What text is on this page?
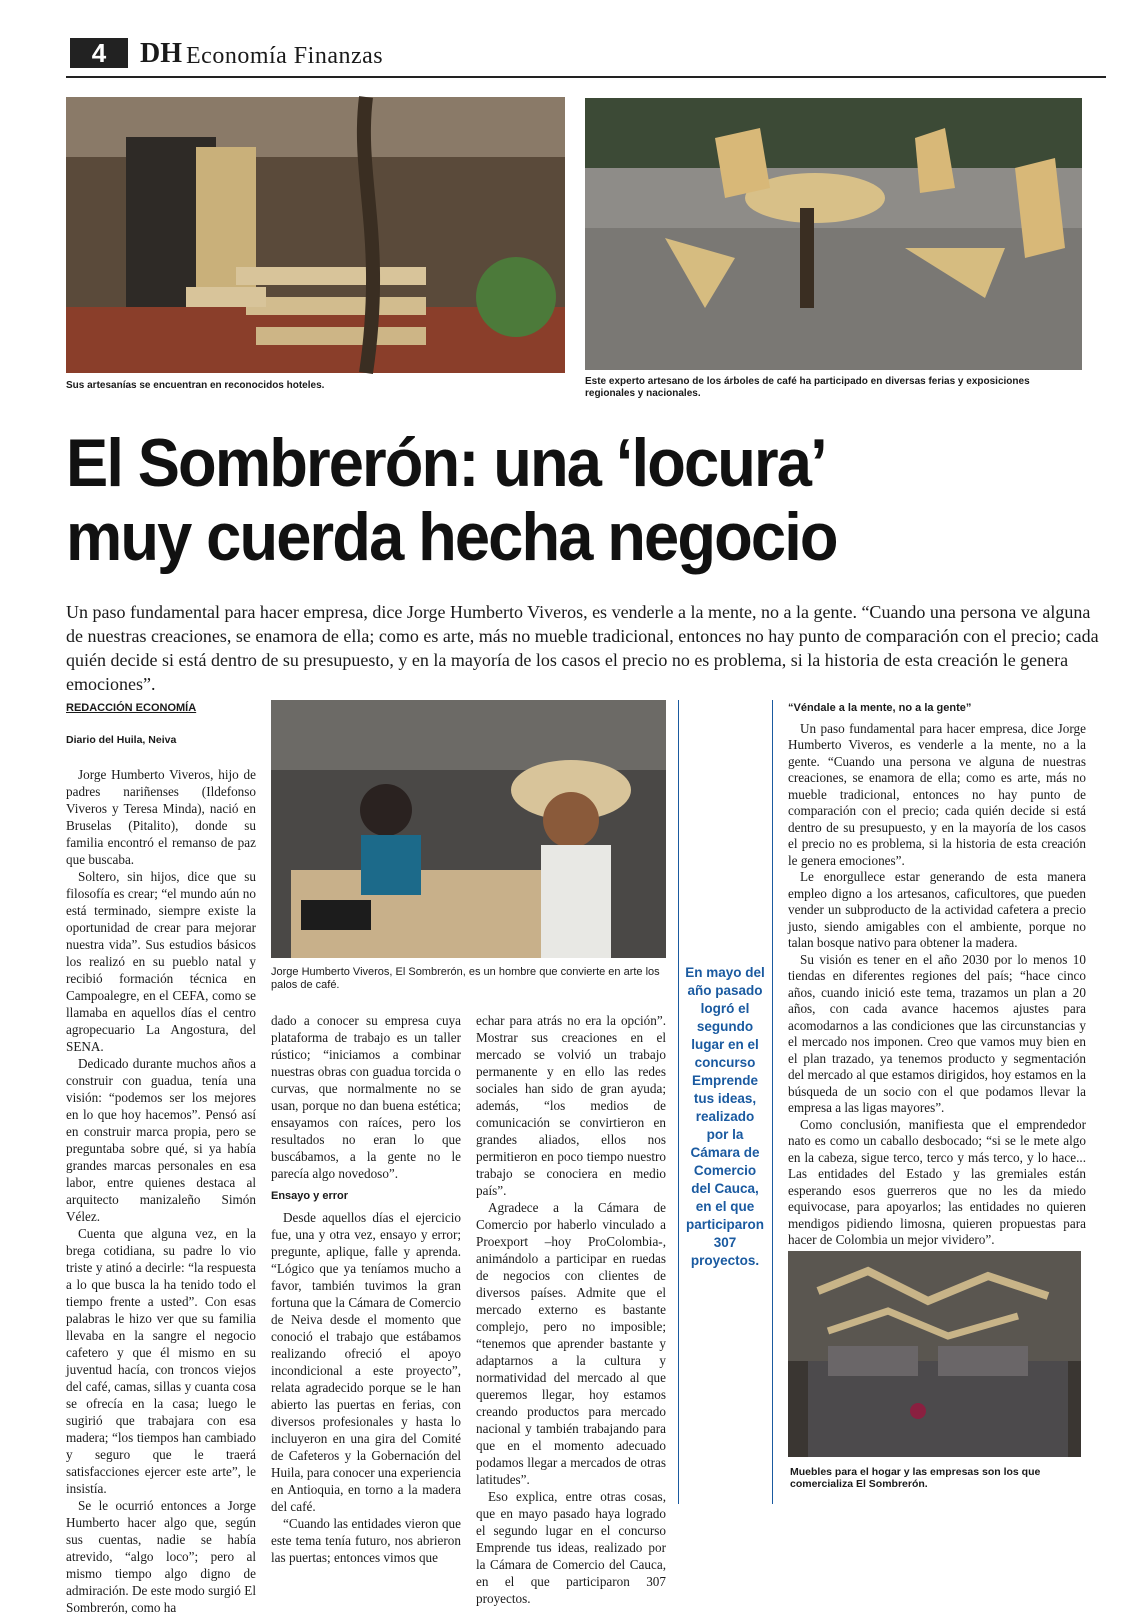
4	DH Economía Finanzas
Sus artesanías se encuentran en reconocidos hoteles.	Este experto artesano de los árboles de café ha participado en diversas ferias y exposiciones regionales y nacionales.
El Sombrerón: una ‘locura’
muy cuerda hecha negocio
Un paso fundamental para hacer empresa, dice Jorge Humberto Viveros, es venderle a la mente, no a la gente. “Cuando una persona ve alguna de nuestras creaciones, se enamora de ella; como es arte, más no mueble tradicional, entonces no hay punto de comparación con el precio; cada quién decide si está dentro de su presupuesto, y en la mayoría de los casos el precio no es problema, si la historia de esta creación le genera emociones”.
REDACCIÓN ECONOMÍA
Diario del Huila, Neiva

Jorge Humberto Viveros, hijo de padres nariñenses (Ildefonso Viveros y Teresa Minda), nació en Bruselas (Pitalito), donde su familia encontró el remanso de paz que buscaba.

Soltero, sin hijos, dice que su filosofía es crear; “el mundo aún no está terminado, siempre existe la oportunidad de crear para mejorar nuestra vida”. Sus estudios básicos los realizó en su pueblo natal y recibió formación técnica en Campoalegre, en el CEFA, como se llamaba en aquellos días el centro agropecuario La Angostura, del SENA.

Dedicado durante muchos años a construir con guadua, tenía una visión: “podemos ser los mejores en lo que hoy hacemos”. Pensó así en construir marca propia, pero se preguntaba sobre qué, si ya había grandes marcas personales en esa labor, entre quienes destaca al arquitecto manizaleño Simón Vélez.

Cuenta que alguna vez, en la brega cotidiana, su padre lo vio triste y atinó a decirle: “la respuesta a lo que busca la ha tenido todo el tiempo frente a usted”. Con esas palabras le hizo ver que su familia llevaba en la sangre el negocio cafetero y que él mismo en su juventud hacía, con troncos viejos del café, camas, sillas y cuanta cosa se ofrecía en la casa; luego le sugirió que trabajara con esa madera; “los tiempos han cambiado y seguro que le traerá satisfacciones ejercer este arte”, le insistía.

Se le ocurrió entonces a Jorge Humberto hacer algo que, según sus cuentas, nadie se había atrevido, “algo loco”; pero al mismo tiempo algo digno de admiración. De este modo surgió El Sombrerón, como ha

Jorge Humberto Viveros, El Sombrerón, es un hombre que convierte en arte los palos de café.

dado a conocer su empresa cuya plataforma de trabajo es un taller rústico; “iniciamos a combinar nuestras obras con guadua torcida o curvas, que normalmente no se usan, porque no dan buena estética; ensayamos con raíces, pero los resultados no eran lo que buscábamos, a la gente no le parecía algo novedoso”.

Ensayo y error

Desde aquellos días el ejercicio fue, una y otra vez, ensayo y error; pregunte, aplique, falle y aprenda. “Lógico que ya teníamos mucho a favor, también tuvimos la gran fortuna que la Cámara de Comercio de Neiva desde el momento que conoció el trabajo que estábamos realizando ofreció el apoyo incondicional a este proyecto”, relata agradecido porque se le han abierto las puertas en ferias, con diversos profesionales y hasta lo incluyeron en una gira del Comité de Cafeteros y la Gobernación del Huila, para conocer una experiencia en Antioquia, en torno a la madera del café.

“Cuando las entidades vieron que este tema tenía futuro, nos abrieron las puertas; entonces vimos que

echar para atrás no era la opción”. Mostrar sus creaciones en el mercado se volvió un trabajo permanente y en ello las redes sociales han sido de gran ayuda; además, “los medios de comunicación se convirtieron en grandes aliados, ellos nos permitieron en poco tiempo nuestro trabajo se conociera en medio país”.

Agradece a la Cámara de Comercio por haberlo vinculado a Proexport –hoy ProColombia-, animándolo a participar en ruedas de negocios con clientes de diversos países. Admite que el mercado externo es bastante complejo, pero no imposible; “tenemos que aprender bastante y adaptarnos a la cultura y normatividad del mercado al que queremos llegar, hoy estamos creando productos para mercado nacional y también trabajando para que en el momento adecuado podamos llegar a mercados de otras latitudes”.

Eso explica, entre otras cosas, que en mayo pasado haya logrado el segundo lugar en el concurso Emprende tus ideas, realizado por la Cámara de Comercio del Cauca, en el que participaron 307 proyectos.

En mayo del año pasado logró el segundo lugar en el concurso Emprende tus ideas, realizado por la Cámara de Comercio del Cauca, en el que participaron 307 proyectos.
“Véndale a la mente, no a la gente”

Un paso fundamental para hacer empresa, dice Jorge Humberto Viveros, es venderle a la mente, no a la gente. “Cuando una persona ve alguna de nuestras creaciones, se enamora de ella; como es arte, más no mueble tradicional, entonces no hay punto de comparación con el precio; cada quién decide si está dentro de su presupuesto, y en la mayoría de los casos el precio no es problema, si la historia de esta creación le genera emociones”.

Le enorgullece estar generando de esta manera empleo digno a los artesanos, caficultores, que pueden vender un subproducto de la actividad cafetera a precio justo, siendo amigables con el ambiente, porque no talan bosque nativo para obtener la madera.

Su visión es tener en el año 2030 por lo menos 10 tiendas en diferentes regiones del país; “hace cinco años, cuando inició este tema, trazamos un plan a 20 años, con cada avance hacemos ajustes para acomodarnos a las condiciones que las circunstancias y el mercado nos imponen. Creo que vamos muy bien en el plan trazado, ya tenemos producto y segmentación del mercado al que estamos dirigidos, hoy estamos en la búsqueda de un socio con el que podamos llevar la empresa a las ligas mayores”.

Como conclusión, manifiesta que el emprendedor nato es como un caballo desbocado; “si se le mete algo en la cabeza, sigue terco, terco y más terco, y lo hace... Las entidades del Estado y las gremiales están esperando esos guerreros que no les da miedo equivocase, para apoyarlos; las entidades no quieren mendigos pidiendo limosna, quieren propuestas para hacer de Colombia un mejor vividero”.

Muebles para el hogar y las empresas son los que comercializa El Sombrerón.
